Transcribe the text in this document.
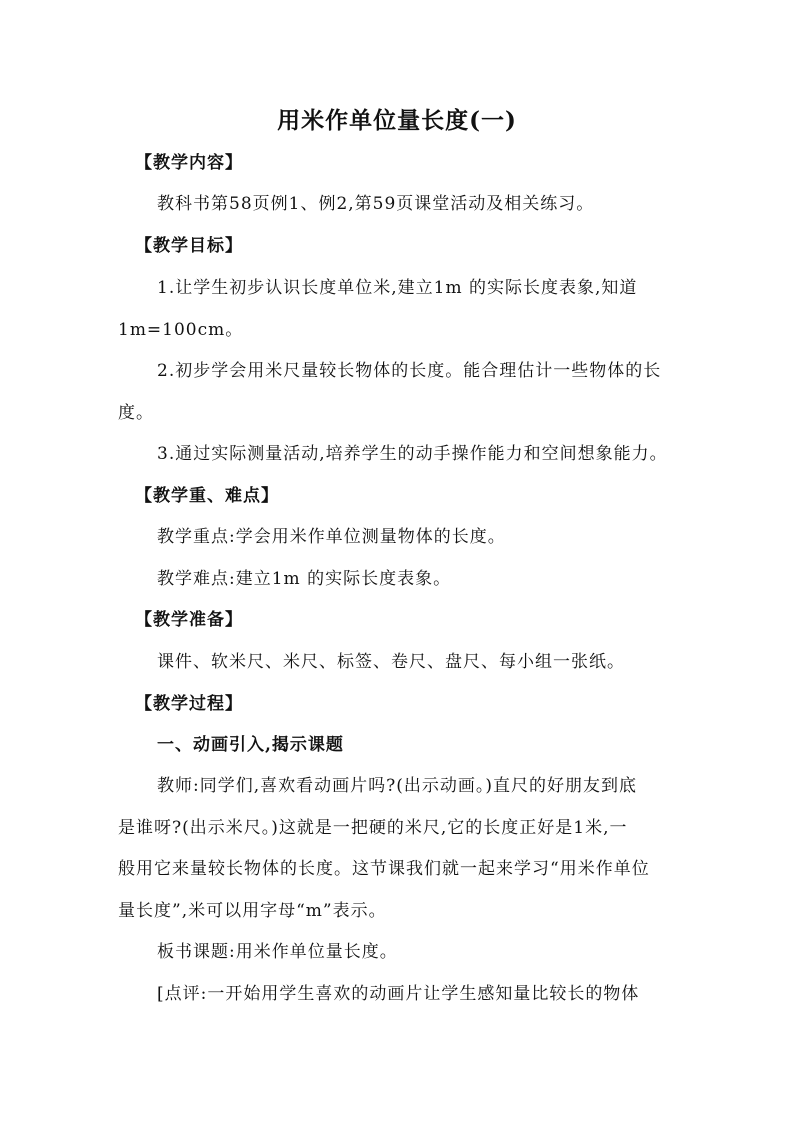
用米作单位量长度(一)
【教学内容】
教科书第58页例1、例2,第59页课堂活动及相关练习。
【教学目标】
1.让学生初步认识长度单位米,建立1m 的实际长度表象,知道
1m=100cm。
2.初步学会用米尺量较长物体的长度。能合理估计一些物体的长
度。
3.通过实际测量活动,培养学生的动手操作能力和空间想象能力。
【教学重、难点】
教学重点:学会用米作单位测量物体的长度。
教学难点:建立1m 的实际长度表象。
【教学准备】
课件、软米尺、米尺、标签、卷尺、盘尺、每小组一张纸。
【教学过程】
一、动画引入,揭示课题
教师:同学们,喜欢看动画片吗?(出示动画。)直尺的好朋友到底
是谁呀?(出示米尺。)这就是一把硬的米尺,它的长度正好是1米,一
般用它来量较长物体的长度。这节课我们就一起来学习“用米作单位
量长度”,米可以用字母“m”表示。
板书课题:用米作单位量长度。
[点评:一开始用学生喜欢的动画片让学生感知量比较长的物体
